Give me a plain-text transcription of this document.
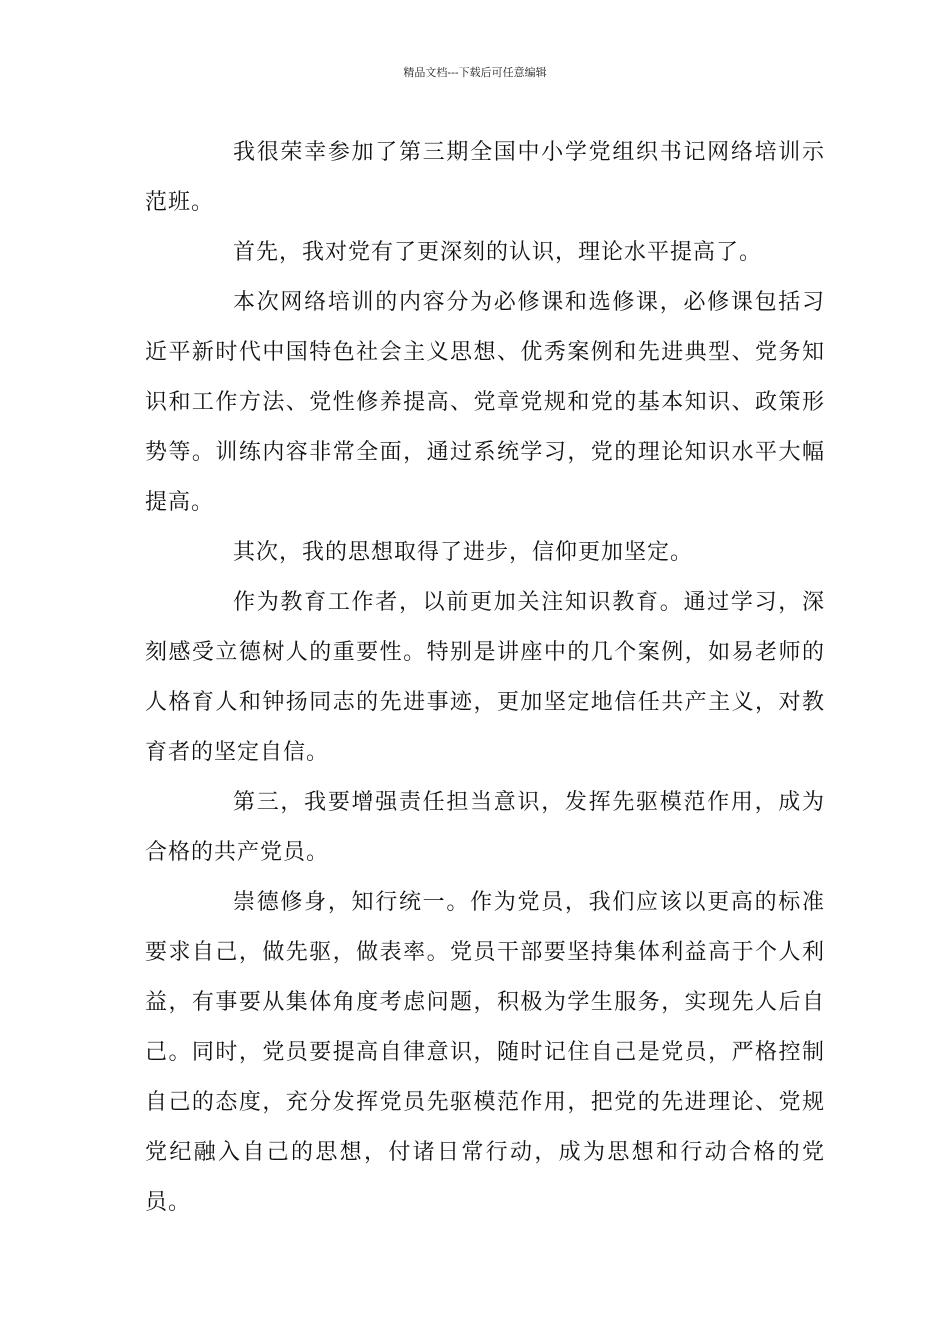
精品文档---下载后可任意编辑

我很荣幸参加了第三期全国中小学党组织书记网络培训示范班。

首先，我对党有了更深刻的认识，理论水平提高了。

本次网络培训的内容分为必修课和选修课，必修课包括习近平新时代中国特色社会主义思想、优秀案例和先进典型、党务知识和工作方法、党性修养提高、党章党规和党的基本知识、政策形势等。训练内容非常全面，通过系统学习，党的理论知识水平大幅提高。

其次，我的思想取得了进步，信仰更加坚定。

作为教育工作者，以前更加关注知识教育。通过学习，深刻感受立德树人的重要性。特别是讲座中的几个案例，如易老师的人格育人和钟扬同志的先进事迹，更加坚定地信任共产主义，对教育者的坚定自信。

第三，我要增强责任担当意识，发挥先驱模范作用，成为合格的共产党员。

崇德修身，知行统一。作为党员，我们应该以更高的标准要求自己，做先驱，做表率。党员干部要坚持集体利益高于个人利益，有事要从集体角度考虑问题，积极为学生服务，实现先人后自己。同时，党员要提高自律意识，随时记住自己是党员，严格控制自己的态度，充分发挥党员先驱模范作用，把党的先进理论、党规党纪融入自己的思想，付诸日常行动，成为思想和行动合格的党员。
